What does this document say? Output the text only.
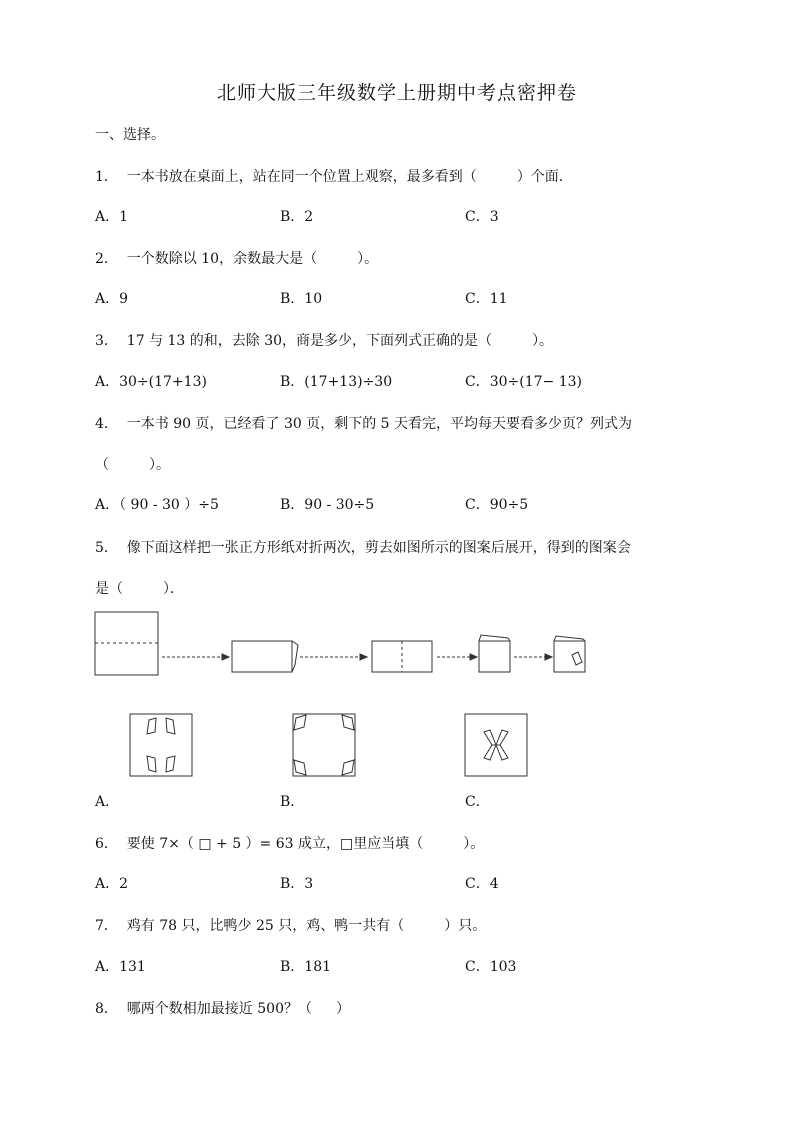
北师大版三年级数学上册期中考点密押卷
一、选择。
1．  一本书放在桌面上，站在同一个位置上观察，最多看到（	）个面.
A．1	B．2	C．3
2．  一个数除以 10，余数最大是（	）。
A．9	B．10	C．11
3．  17 与 13 的和，去除 30，商是多少，下面列式正确的是（	）。
A．30÷(17+13)	B．(17+13)÷30	C．30÷(17− 13)
4．  一本书 90 页，已经看了 30 页，剩下的 5 天看完，平均每天要看多少页？列式为
（	）。
A．（ 90 - 30 ）÷5	B．90 - 30÷5	C．90÷5
5．  像下面这样把一张正方形纸对折两次，剪去如图所示的图案后展开，得到的图案会
是（	）．
A．	B．	C．
6．  要使 7×（ □ + 5 ）= 63 成立，□里应当填（	）。
A．2	B．3	C．4
7．  鸡有 78 只，比鸭少 25 只，鸡、鸭一共有（	）只。
A．131	B．181	C．103
8．  哪两个数相加最接近 500？（ ）
